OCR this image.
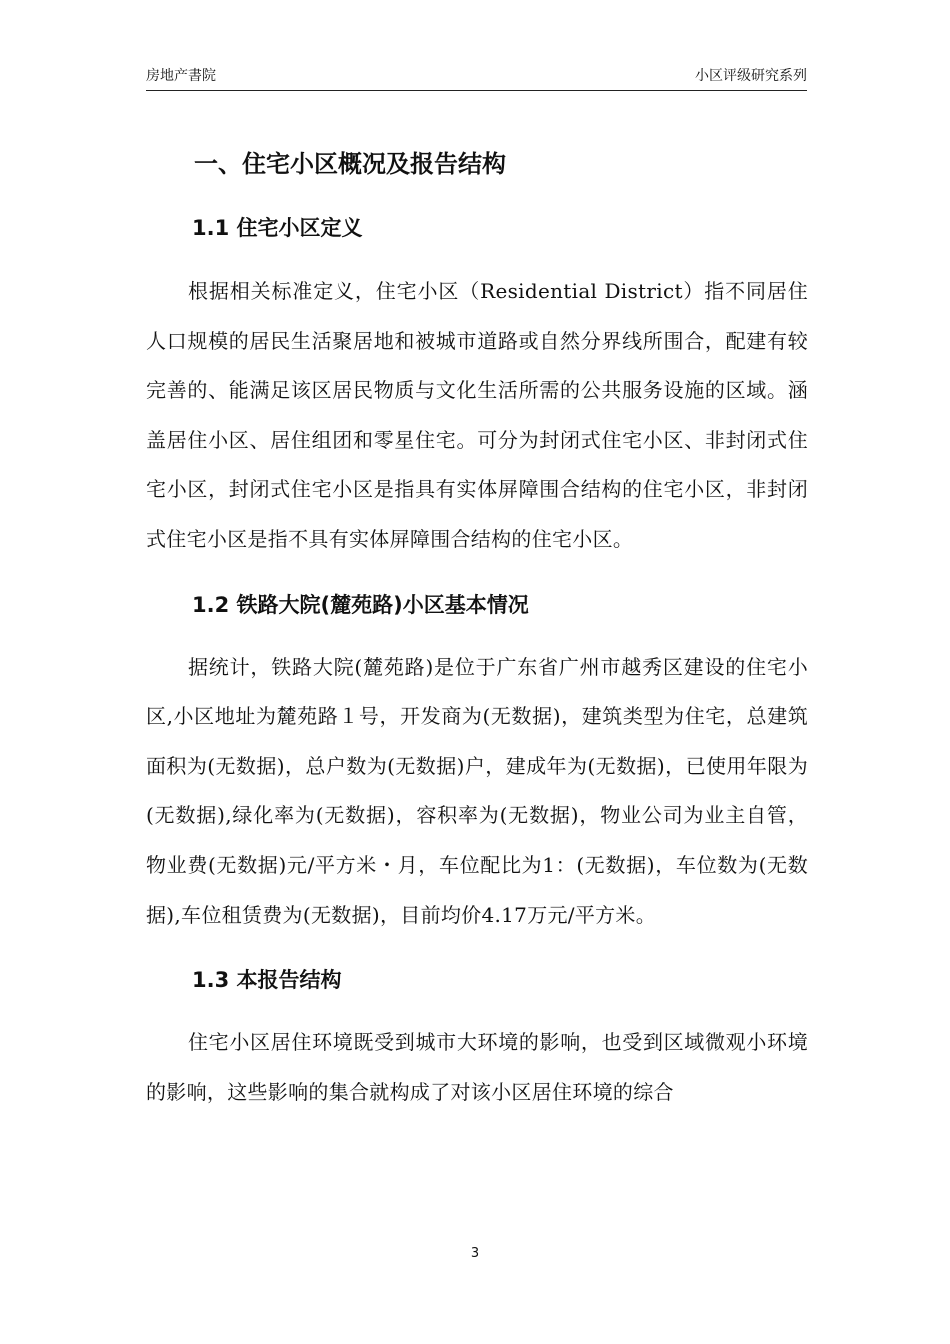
房地产書院	小区评级研究系列
一、住宅小区概况及报告结构
1.1 住宅小区定义

根据相关标准定义，住宅小区（Residential District）指不同居住人口规模的居民生活聚居地和被城市道路或自然分界线所围合，配建有较完善的、能满足该区居民物质与文化生活所需的公共服务设施的区域。涵盖居住小区、居住组团和零星住宅。可分为封闭式住宅小区、非封闭式住宅小区，封闭式住宅小区是指具有实体屏障围合结构的住宅小区，非封闭式住宅小区是指不具有实体屏障围合结构的住宅小区。

1.2 铁路大院(麓苑路)小区基本情况

据统计，铁路大院(麓苑路)是位于广东省广州市越秀区建设的住宅小区,小区地址为麓苑路１号，开发商为(无数据)，建筑类型为住宅，总建筑面积为(无数据)，总户数为(无数据)户，建成年为(无数据)，已使用年限为(无数据),绿化率为(无数据)，容积率为(无数据)，物业公司为业主自管，物业费(无数据)元/平方米・月，车位配比为1：(无数据)，车位数为(无数据),车位租赁费为(无数据)，目前均价4.17万元/平方米。

1.3 本报告结构

住宅小区居住环境既受到城市大环境的影响，也受到区域微观小环境的影响，这些影响的集合就构成了对该小区居住环境的综合

3
